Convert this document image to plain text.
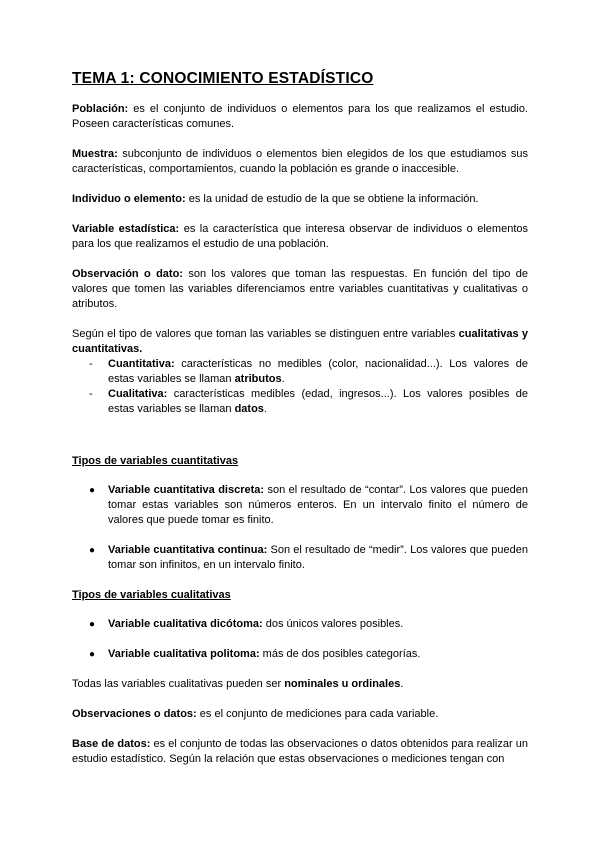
TEMA 1: CONOCIMIENTO ESTADÍSTICO

Población: es el conjunto de individuos o elementos para los que realizamos el estudio. Poseen características comunes.

Muestra: subconjunto de individuos o elementos bien elegidos de los que estudiamos sus características, comportamientos, cuando la población es grande o inaccesible.

Individuo o elemento: es la unidad de estudio de la que se obtiene la información.

Variable estadística: es la característica que interesa observar de individuos o elementos para los que realizamos el estudio de una población.

Observación o dato: son los valores que toman las respuestas. En función del tipo de valores que tomen las variables diferenciamos entre variables cuantitativas y cualitativas o atributos.

Según el tipo de valores que toman las variables se distinguen entre variables cualitativas y cuantitativas.

- Cuantitativa: características no medibles (color, nacionalidad...). Los valores de estas variables se llaman atributos.
- Cualitativa: características medibles (edad, ingresos...). Los valores posibles de estas variables se llaman datos.

Tipos de variables cuantitativas

● Variable cuantitativa discreta: son el resultado de “contar”. Los valores que pueden tomar estas variables son números enteros. En un intervalo finito el número de valores que puede tomar es finito.
● Variable cuantitativa continua: Son el resultado de “medir”. Los valores que pueden tomar son infinitos, en un intervalo finito.

Tipos de variables cualitativas

● Variable cualitativa dicótoma: dos únicos valores posibles.
● Variable cualitativa politoma: más de dos posibles categorías.

Todas las variables cualitativas pueden ser nominales u ordinales.

Observaciones o datos: es el conjunto de mediciones para cada variable.

Base de datos: es el conjunto de todas las observaciones o datos obtenidos para realizar un estudio estadístico. Según la relación que estas observaciones o mediciones tengan con
